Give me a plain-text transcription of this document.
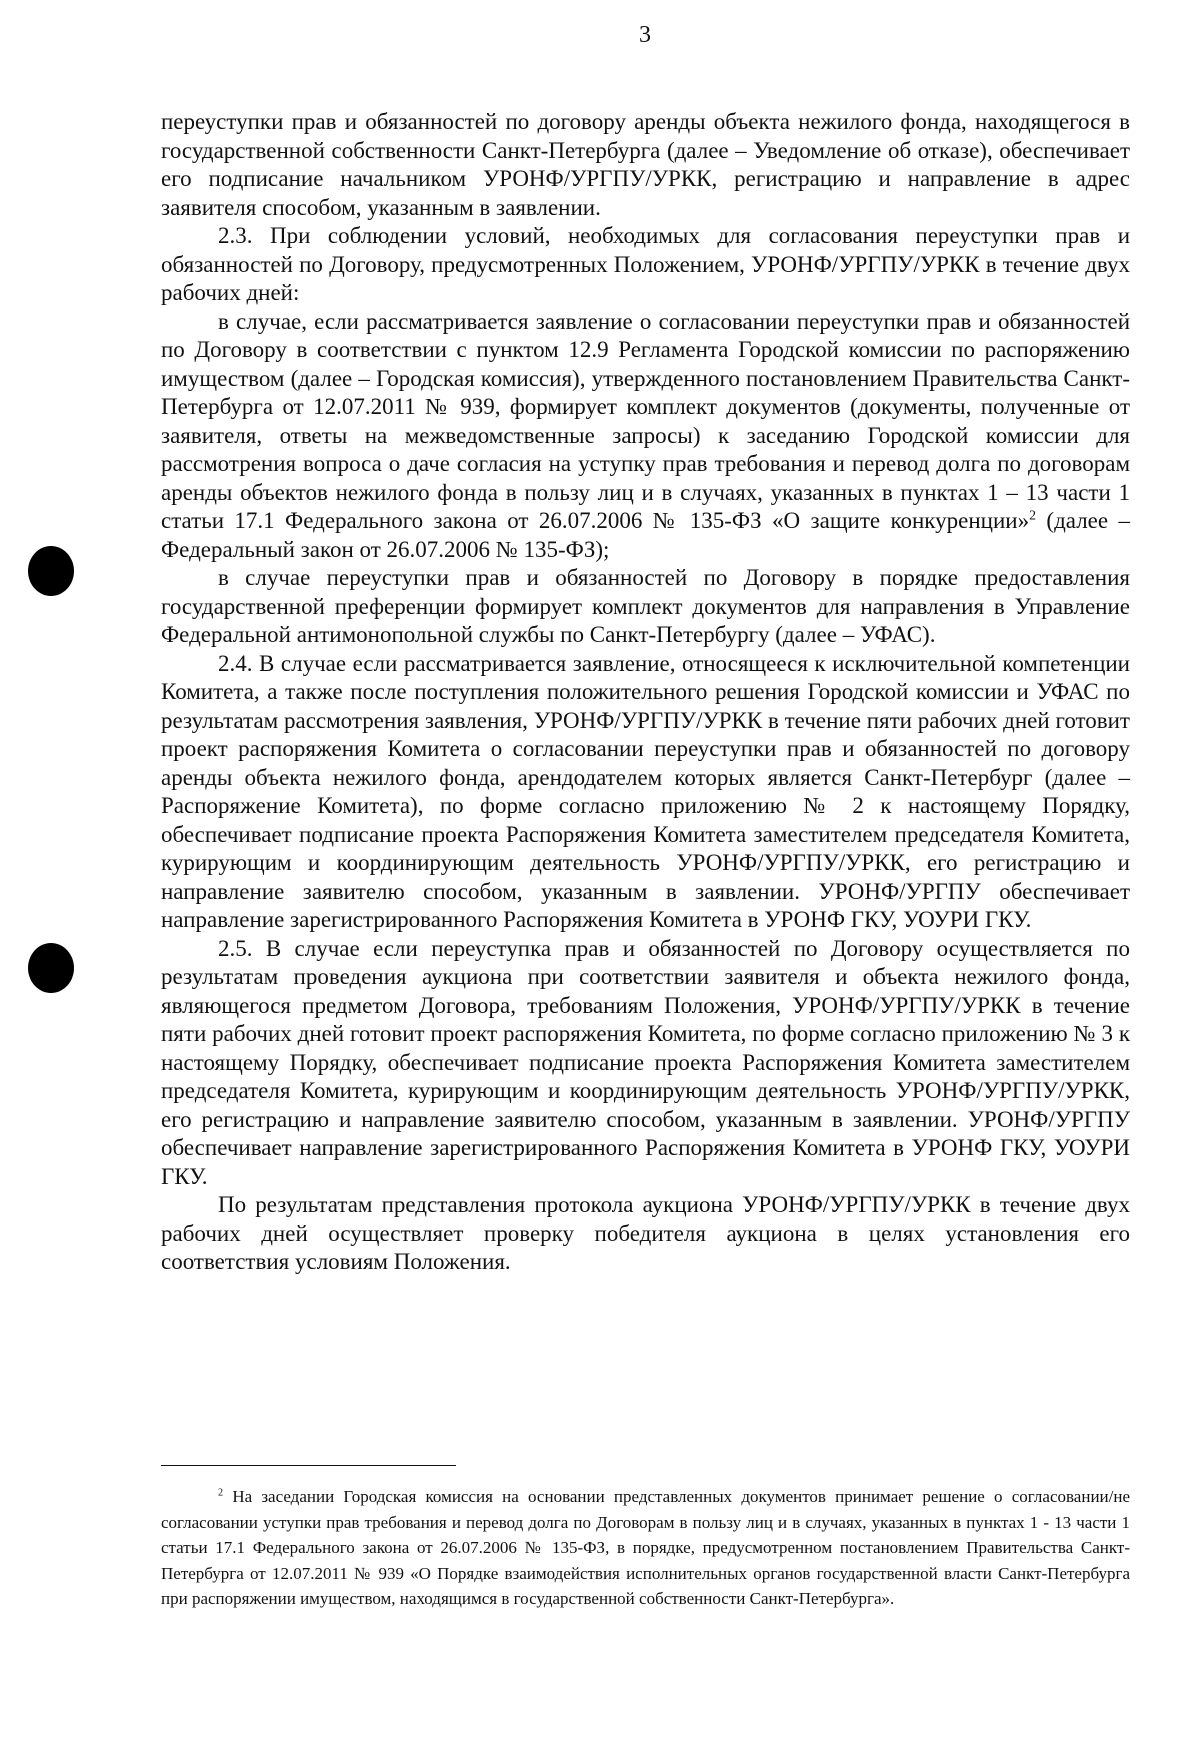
3

переуступки прав и обязанностей по договору аренды объекта нежилого фонда, находящегося в государственной собственности Санкт-Петербурга (далее – Уведомление об отказе), обеспечивает его подписание начальником УРОНФ/УРГПУ/УРКК, регистрацию и направление в адрес заявителя способом, указанным в заявлении.

2.3. При соблюдении условий, необходимых для согласования переуступки прав и обязанностей по Договору, предусмотренных Положением, УРОНФ/УРГПУ/УРКК в течение двух рабочих дней:

в случае, если рассматривается заявление о согласовании переуступки прав и обязанностей по Договору в соответствии с пунктом 12.9 Регламента Городской комиссии по распоряжению имуществом (далее – Городская комиссия), утвержденного постановлением Правительства Санкт-Петербурга от 12.07.2011 № 939, формирует комплект документов (документы, полученные от заявителя, ответы на межведомственные запросы) к заседанию Городской комиссии для рассмотрения вопроса о даче согласия на уступку прав требования и перевод долга по договорам аренды объектов нежилого фонда в пользу лиц и в случаях, указанных в пунктах 1 – 13 части 1 статьи 17.1 Федерального закона от 26.07.2006 № 135-ФЗ «О защите конкуренции»$^2$ (далее – Федеральный закон от 26.07.2006 № 135-ФЗ);

в случае переуступки прав и обязанностей по Договору в порядке предоставления государственной преференции формирует комплект документов для направления в Управление Федеральной антимонопольной службы по Санкт-Петербургу (далее – УФАС).

2.4. В случае если рассматривается заявление, относящееся к исключительной компетенции Комитета, а также после поступления положительного решения Городской комиссии и УФАС по результатам рассмотрения заявления, УРОНФ/УРГПУ/УРКК в течение пяти рабочих дней готовит проект распоряжения Комитета о согласовании переуступки прав и обязанностей по договору аренды объекта нежилого фонда, арендодателем которых является Санкт-Петербург (далее – Распоряжение Комитета), по форме согласно приложению № 2 к настоящему Порядку, обеспечивает подписание проекта Распоряжения Комитета заместителем председателя Комитета, курирующим и координирующим деятельность УРОНФ/УРГПУ/УРКК, его регистрацию и направление заявителю способом, указанным в заявлении. УРОНФ/УРГПУ обеспечивает направление зарегистрированного Распоряжения Комитета в УРОНФ ГКУ, УОУРИ ГКУ.

2.5. В случае если переуступка прав и обязанностей по Договору осуществляется по результатам проведения аукциона при соответствии заявителя и объекта нежилого фонда, являющегося предметом Договора, требованиям Положения, УРОНФ/УРГПУ/УРКК в течение пяти рабочих дней готовит проект распоряжения Комитета, по форме согласно приложению № 3 к настоящему Порядку, обеспечивает подписание проекта Распоряжения Комитета заместителем председателя Комитета, курирующим и координирующим деятельность УРОНФ/УРГПУ/УРКК, его регистрацию и направление заявителю способом, указанным в заявлении. УРОНФ/УРГПУ обеспечивает направление зарегистрированного Распоряжения Комитета в УРОНФ ГКУ, УОУРИ ГКУ.

По результатам представления протокола аукциона УРОНФ/УРГПУ/УРКК в течение двух рабочих дней осуществляет проверку победителя аукциона в целях установления его соответствия условиям Положения.

$^2$ На заседании Городская комиссия на основании представленных документов принимает решение о согласовании/не согласовании уступки прав требования и перевод долга по Договорам в пользу лиц и в случаях, указанных в пунктах 1 - 13 части 1 статьи 17.1 Федерального закона от 26.07.2006 № 135-ФЗ, в порядке, предусмотренном постановлением Правительства Санкт-Петербурга от 12.07.2011 № 939 «О Порядке взаимодействия исполнительных органов государственной власти Санкт-Петербурга при распоряжении имуществом, находящимся в государственной собственности Санкт-Петербурга».
